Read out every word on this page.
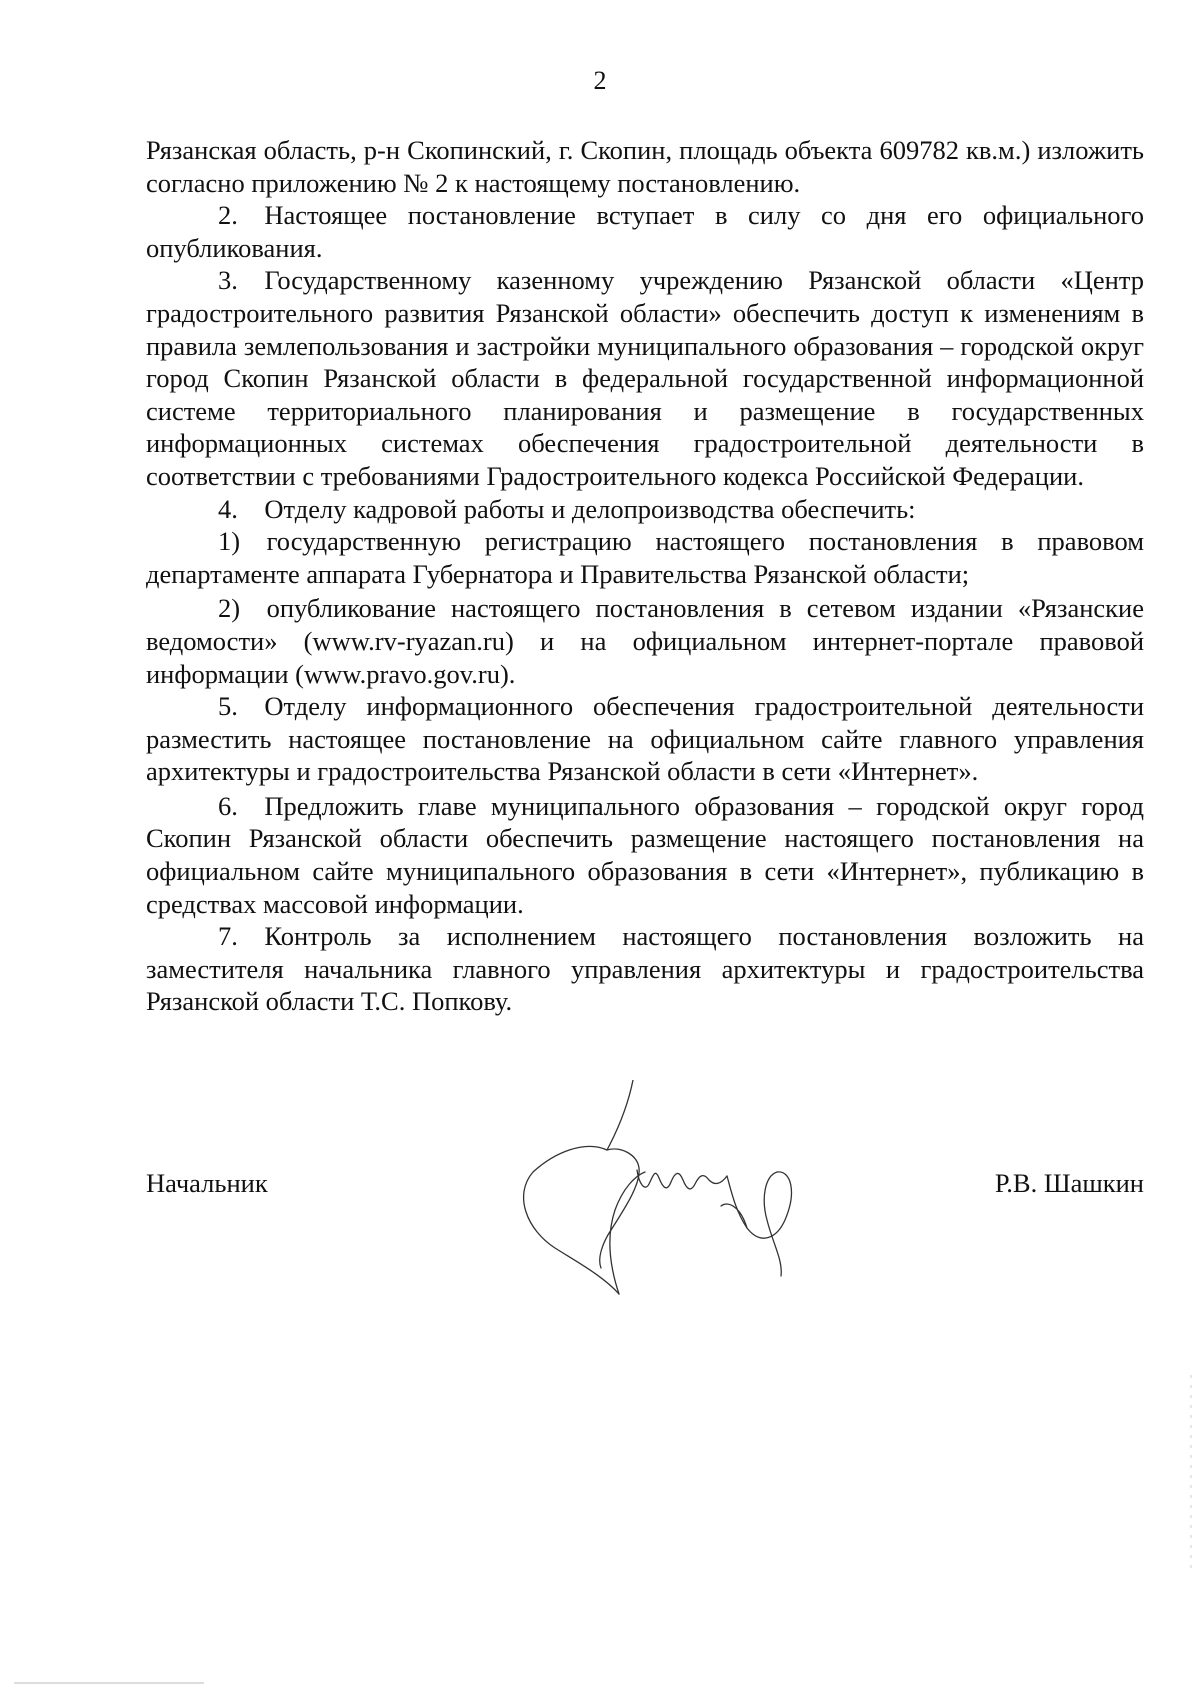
2

Рязанская область, р-н Скопинский, г. Скопин, площадь объекта 609782 кв.м.) изложить согласно приложению № 2 к настоящему постановлению.

2. Настоящее постановление вступает в силу со дня его официального опубликования.

3. Государственному казенному учреждению Рязанской области «Центр градостроительного развития Рязанской области» обеспечить доступ к изменениям в правила землепользования и застройки муниципального образования – городской округ город Скопин Рязанской области в федеральной государственной информационной системе территориального планирования и размещение в государственных информационных системах обеспечения градостроительной деятельности в соответствии с требованиями Градостроительного кодекса Российской Федерации.

4. Отделу кадровой работы и делопроизводства обеспечить:

1) государственную регистрацию настоящего постановления в правовом департаменте аппарата Губернатора и Правительства Рязанской области;

2) опубликование настоящего постановления в сетевом издании «Рязанские ведомости» (www.rv-ryazan.ru) и на официальном интернет-портале правовой информации (www.pravo.gov.ru).

5. Отделу информационного обеспечения градостроительной деятельности разместить настоящее постановление на официальном сайте главного управления архитектуры и градостроительства Рязанской области в сети «Интернет».

6. Предложить главе муниципального образования – городской округ город Скопин Рязанской области обеспечить размещение настоящего постановления на официальном сайте муниципального образования в сети «Интернет», публикацию в средствах массовой информации.

7. Контроль за исполнением настоящего постановления возложить на заместителя начальника главного управления архитектуры и градостроительства Рязанской области Т.С. Попкову.

Начальник	Р.В. Шашкин
